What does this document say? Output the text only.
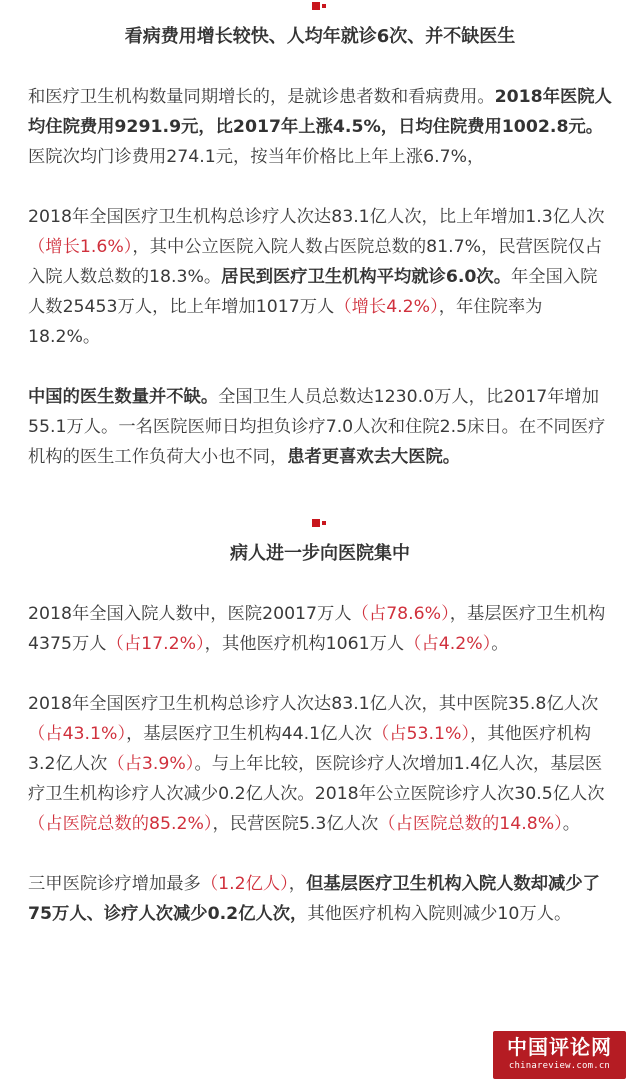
看病费用增长较快、人均年就诊6次、并不缺医生

和医疗卫生机构数量同期增长的，是就诊患者数和看病费用。2018年医院人均住院费用9291.9元，比2017年上涨4.5%，日均住院费用1002.8元。医院次均门诊费用274.1元，按当年价格比上年上涨6.7%，

2018年全国医疗卫生机构总诊疗人次达83.1亿人次，比上年增加1.3亿人次（增长1.6%），其中公立医院入院人数占医院总数的81.7%，民营医院仅占入院人数总数的18.3%。居民到医疗卫生机构平均就诊6.0次。年全国入院人数25453万人，比上年增加1017万人（增长4.2%），年住院率为18.2%。

中国的医生数量并不缺。全国卫生人员总数达1230.0万人，比2017年增加55.1万人。一名医院医师日均担负诊疗7.0人次和住院2.5床日。在不同医疗机构的医生工作负荷大小也不同，患者更喜欢去大医院。

病人进一步向医院集中

2018年全国入院人数中，医院20017万人（占78.6%），基层医疗卫生机构4375万人（占17.2%），其他医疗机构1061万人（占4.2%）。

2018年全国医疗卫生机构总诊疗人次达83.1亿人次，其中医院35.8亿人次（占43.1%），基层医疗卫生机构44.1亿人次（占53.1%），其他医疗机构3.2亿人次（占3.9%）。与上年比较，医院诊疗人次增加1.4亿人次，基层医疗卫生机构诊疗人次减少0.2亿人次。2018年公立医院诊疗人次30.5亿人次（占医院总数的85.2%），民营医院5.3亿人次（占医院总数的14.8%）。

三甲医院诊疗增加最多（1.2亿人），但基层医疗卫生机构入院人数却减少了75万人、诊疗人次减少0.2亿人次，其他医疗机构入院则减少10万人。

中国评论网
chinareview.com.cn
